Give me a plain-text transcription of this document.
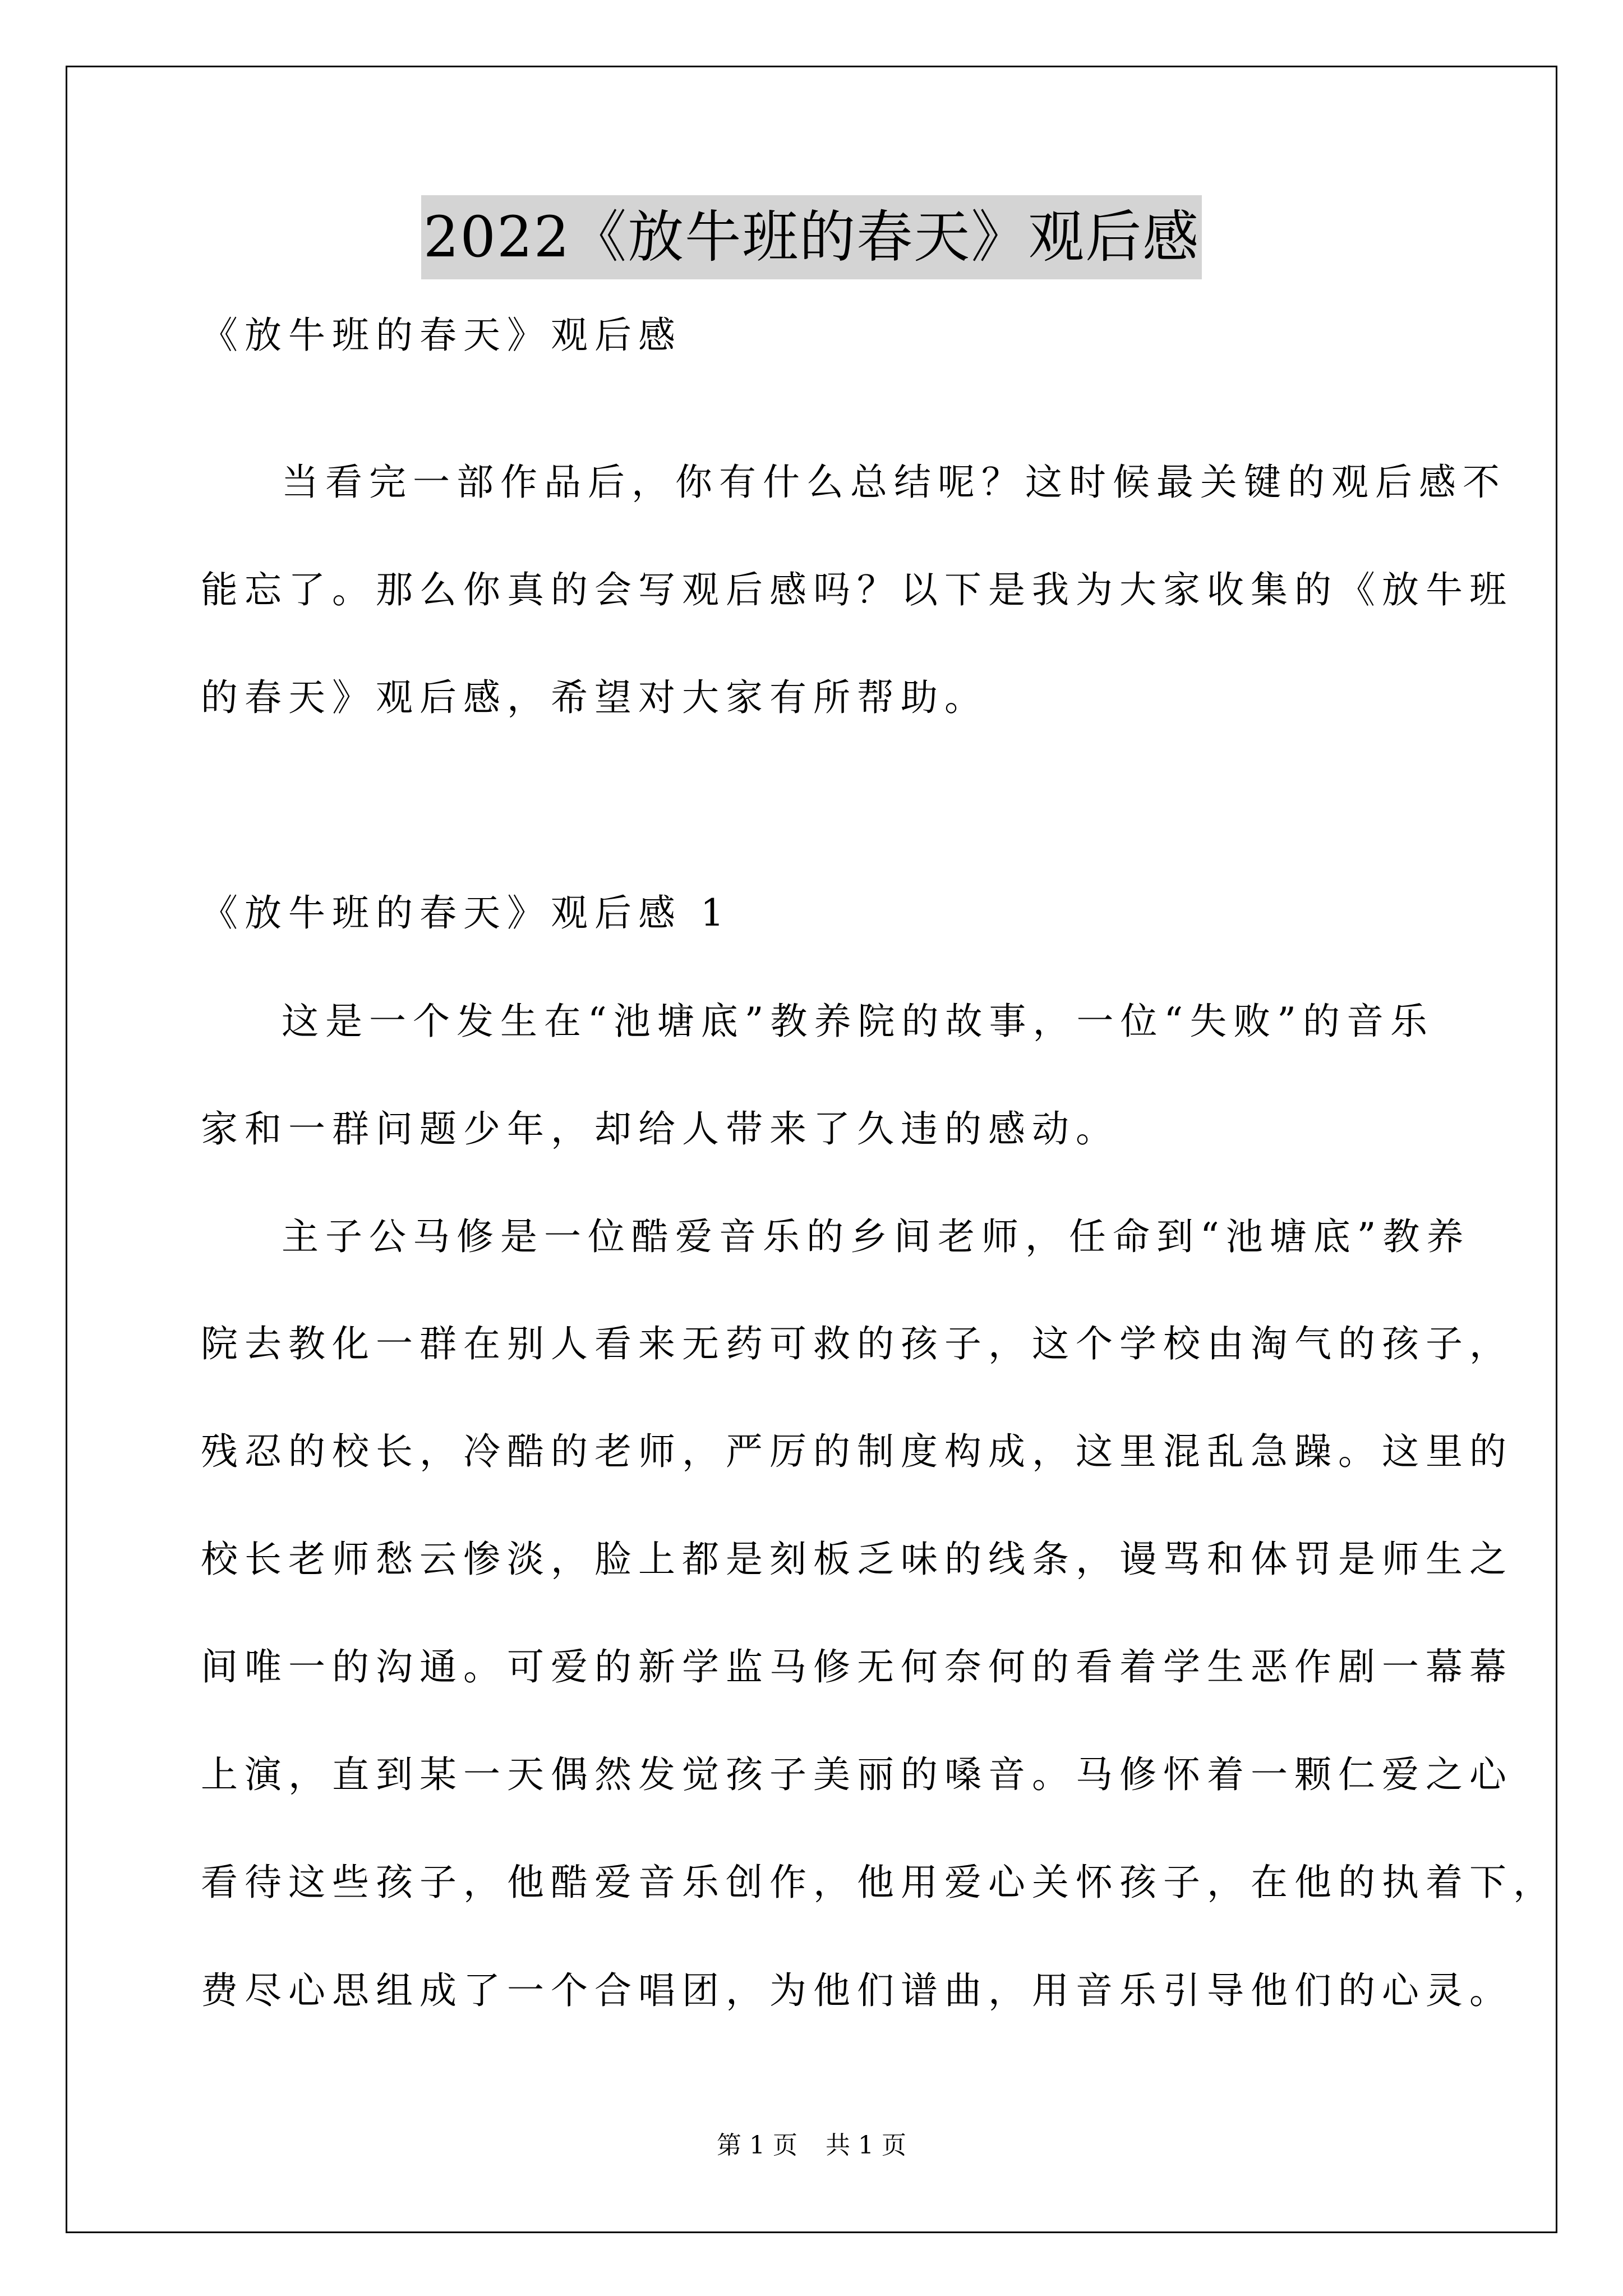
2022《放牛班的春天》观后感
《放牛班的春天》观后感
当看完一部作品后，你有什么总结呢？这时候最关键的观后感不
能忘了。那么你真的会写观后感吗？以下是我为大家收集的《放牛班
的春天》观后感，希望对大家有所帮助。
《放牛班的春天》观后感 1
这是一个发生在“池塘底”教养院的故事，一位“失败”的音乐
家和一群问题少年，却给人带来了久违的感动。
主子公马修是一位酷爱音乐的乡间老师，任命到“池塘底”教养
院去教化一群在别人看来无药可救的孩子，这个学校由淘气的孩子，
残忍的校长，冷酷的老师，严厉的制度构成，这里混乱急躁。这里的
校长老师愁云惨淡，脸上都是刻板乏味的线条，谩骂和体罚是师生之
间唯一的沟通。可爱的新学监马修无何奈何的看着学生恶作剧一幕幕
上演，直到某一天偶然发觉孩子美丽的嗓音。马修怀着一颗仁爱之心
看待这些孩子，他酷爱音乐创作，他用爱心关怀孩子，在他的执着下，
费尽心思组成了一个合唱团，为他们谱曲，用音乐引导他们的心灵。
第 1 页 共 1 页
